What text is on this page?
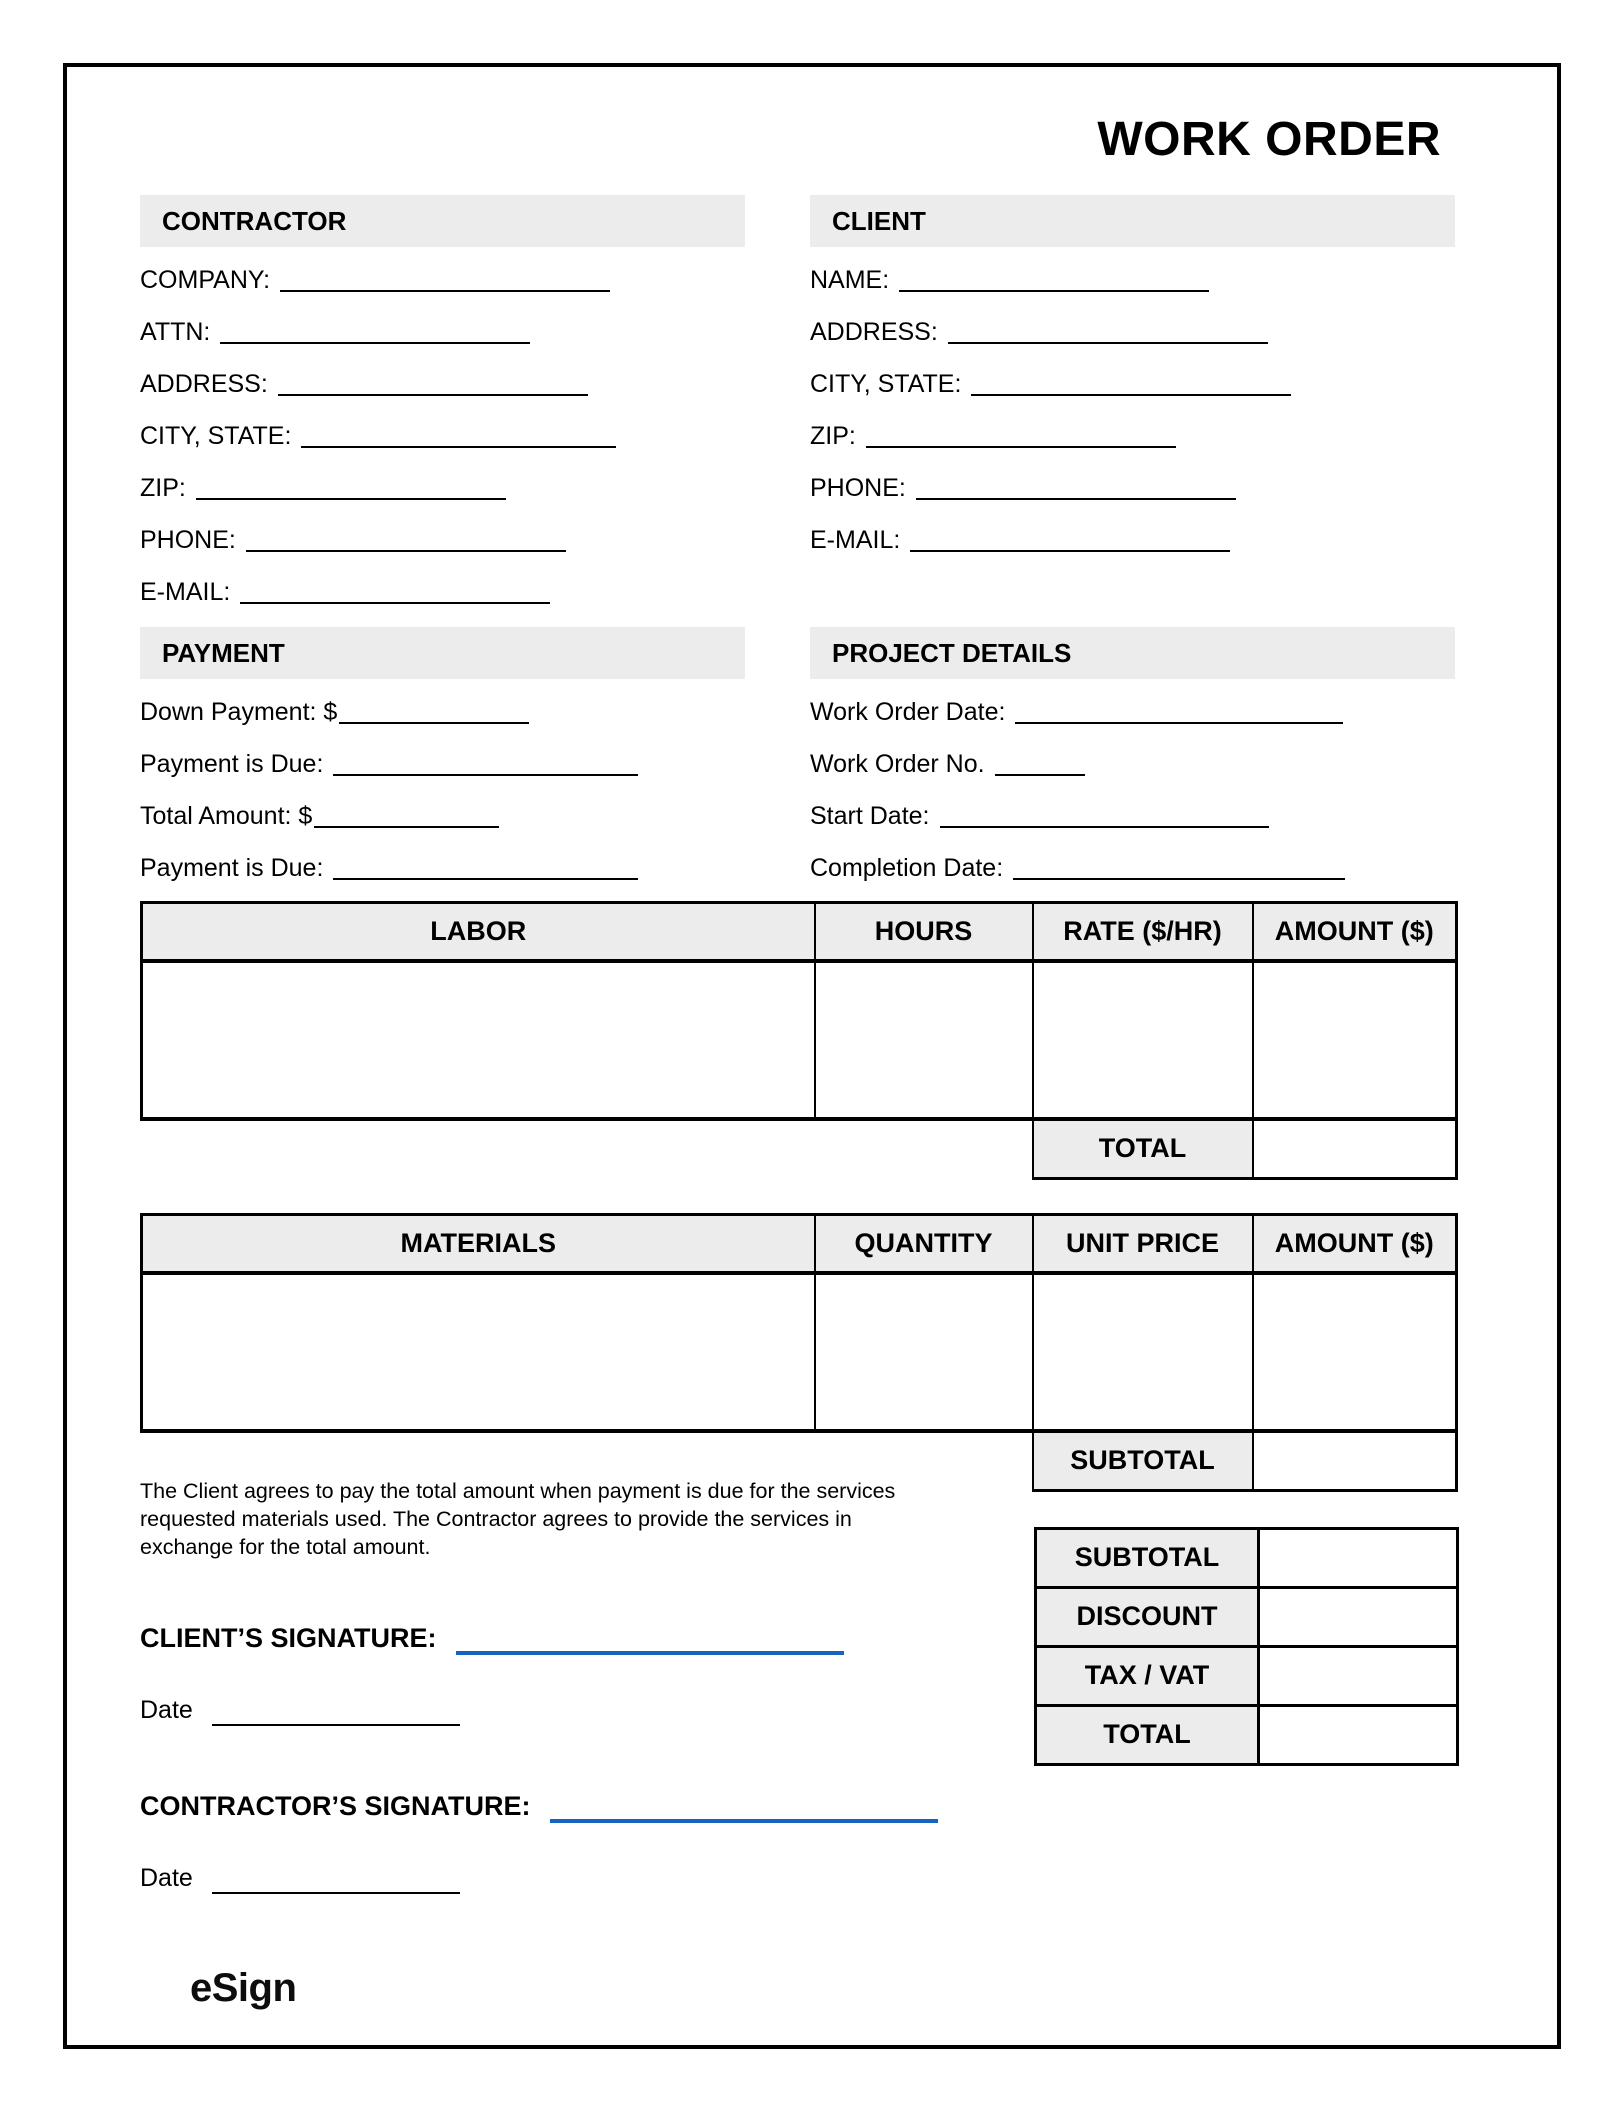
WORK ORDER
CONTRACTOR
COMPANY:
ATTN:
ADDRESS:
CITY, STATE:
ZIP:
PHONE:
E-MAIL:
CLIENT
NAME:
ADDRESS:
CITY, STATE:
ZIP:
PHONE:
E-MAIL:
PAYMENT
Down Payment: $
Payment is Due:
Total Amount: $
Payment is Due:
PROJECT DETAILS
Work Order Date:
Work Order No.
Start Date:
Completion Date:
LABOR	HOURS	RATE ($/HR)	AMOUNT ($)

		TOTAL	
MATERIALS	QUANTITY	UNIT PRICE	AMOUNT ($)

		SUBTOTAL	

The Client agrees to pay the total amount when payment is due for the services requested materials used. The Contractor agrees to provide the services in exchange for the total amount.

CLIENT’S SIGNATURE:
Date
CONTRACTOR’S SIGNATURE:
Date
SUBTOTAL	
DISCOUNT	
TAX / VAT	
TOTAL	
eSign
